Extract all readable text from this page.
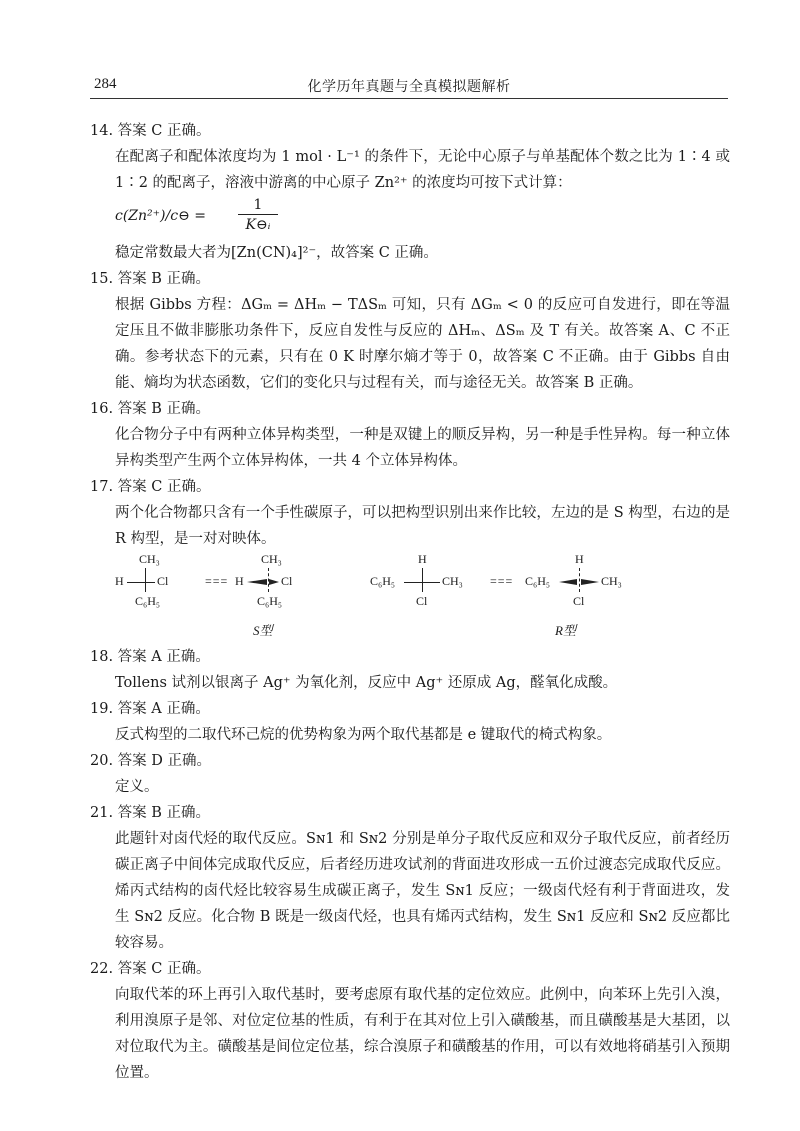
284	化学历年真题与全真模拟题解析
14. 答案 C 正确。
在配离子和配体浓度均为 1 mol · L⁻¹ 的条件下，无论中心原子与单基配体个数之比为 1∶4 或 1∶2 的配离子，溶液中游离的中心原子 Zn²⁺ 的浓度均可按下式计算：
c(Zn²⁺)/c⊖ = $\frac{1}{\text{K⊖ᵢ}}$
稳定常数最大者为[Zn(CN)₄]²⁻，故答案 C 正确。
15. 答案 B 正确。
根据 Gibbs 方程：ΔGₘ = ΔHₘ − TΔSₘ 可知，只有 ΔGₘ < 0 的反应可自发进行，即在等温定压且不做非膨胀功条件下，反应自发性与反应的 ΔHₘ、ΔSₘ 及 T 有关。故答案 A、C 不正确。参考状态下的元素，只有在 0 K 时摩尔熵才等于 0，故答案 C 不正确。由于 Gibbs 自由能、熵均为状态函数，它们的变化只与过程有关，而与途径无关。故答案 B 正确。
16. 答案 B 正确。
化合物分子中有两种立体异构类型，一种是双键上的顺反异构，另一种是手性异构。每一种立体异构类型产生两个立体异构体，一共 4 个立体异构体。
17. 答案 C 正确。
两个化合物都只含有一个手性碳原子，可以把构型识别出来作比较，左边的是 S 构型，右边的是 R 构型，是一对对映体。
CH₃
H	Cl
C₆H₅
===
CH₃
H	Cl
C₆H₅
S型
H
C₆H₅	CH₃
Cl
===
H
C₆H₅	CH₃
Cl
R型
18. 答案 A 正确。
Tollens 试剂以银离子 Ag⁺ 为氧化剂，反应中 Ag⁺ 还原成 Ag，醛氧化成酸。
19. 答案 A 正确。
反式构型的二取代环己烷的优势构象为两个取代基都是 e 键取代的椅式构象。
20. 答案 D 正确。
定义。
21. 答案 B 正确。
此题针对卤代烃的取代反应。Sɴ1 和 Sɴ2 分别是单分子取代反应和双分子取代反应，前者经历碳正离子中间体完成取代反应，后者经历进攻试剂的背面进攻形成一五价过渡态完成取代反应。烯丙式结构的卤代烃比较容易生成碳正离子，发生 Sɴ1 反应；一级卤代烃有利于背面进攻，发生 Sɴ2 反应。化合物 B 既是一级卤代烃，也具有烯丙式结构，发生 Sɴ1 反应和 Sɴ2 反应都比较容易。
22. 答案 C 正确。
向取代苯的环上再引入取代基时，要考虑原有取代基的定位效应。此例中，向苯环上先引入溴，利用溴原子是邻、对位定位基的性质，有利于在其对位上引入磺酸基，而且磺酸基是大基团，以对位取代为主。磺酸基是间位定位基，综合溴原子和磺酸基的作用，可以有效地将硝基引入预期位置。
